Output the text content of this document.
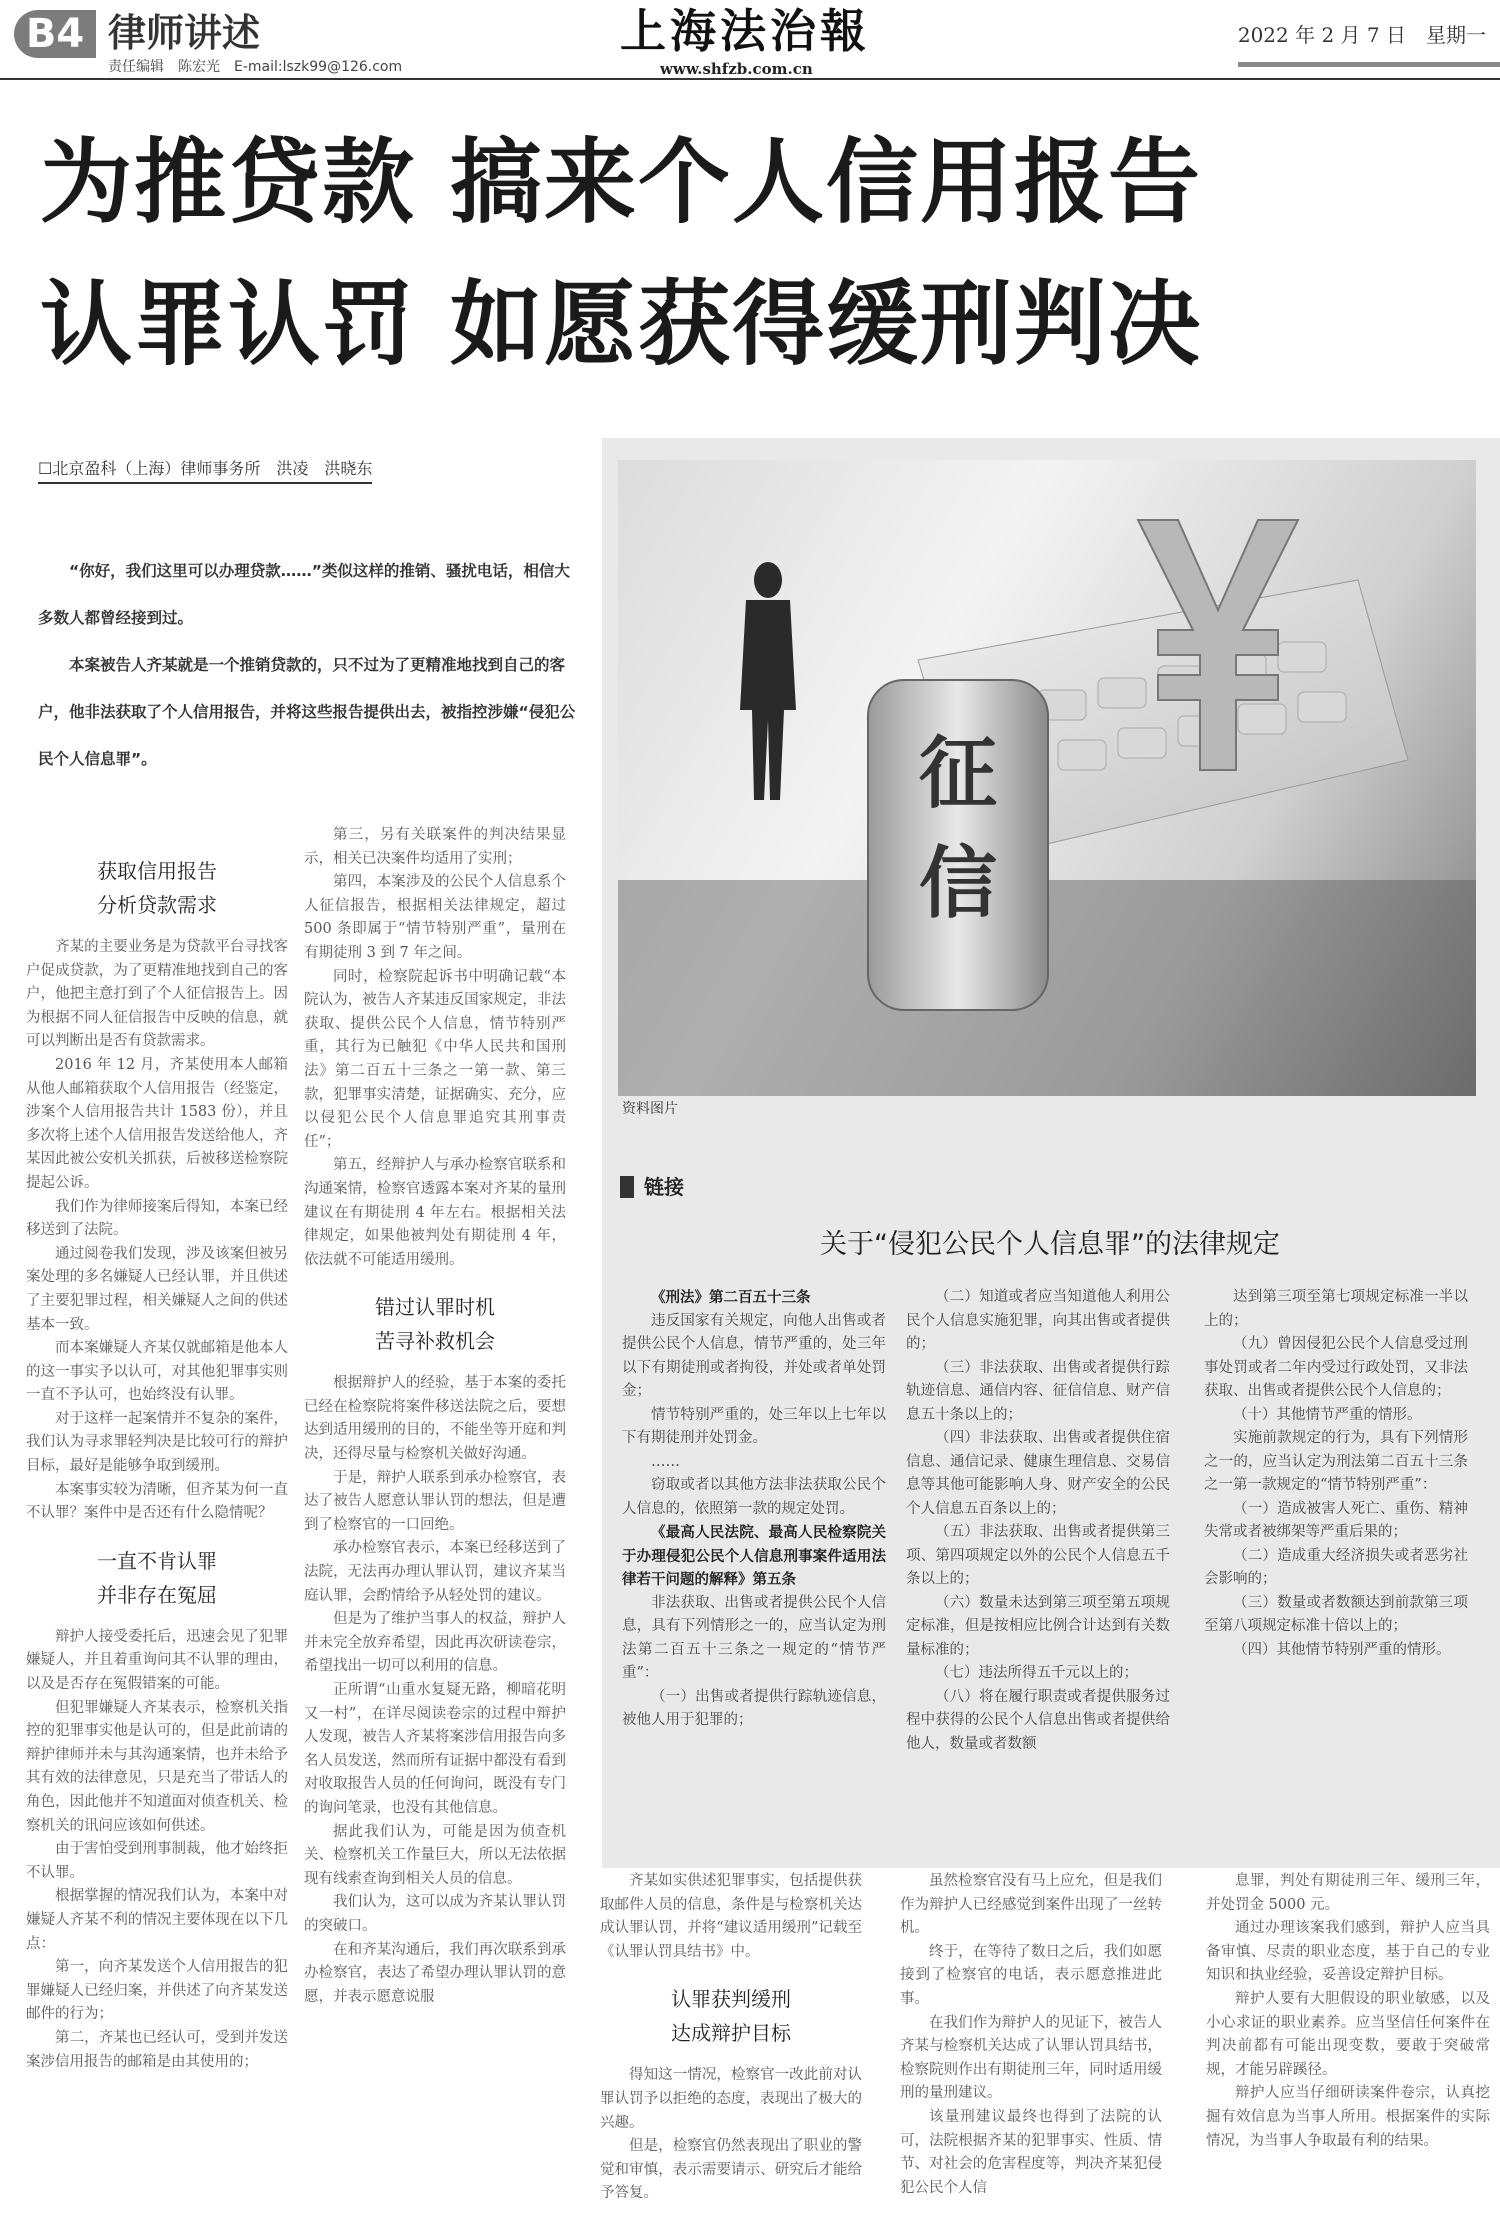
B4 律师讲述
责任编辑　陈宏光　E-mail:lszk99@126.com
上海法治報
www.shfzb.com.cn
2022 年 2 月 7 日　星期一
为推贷款 搞来个人信用报告
认罪认罚 如愿获得缓刑判决
☐北京盈科（上海）律师事务所　洪凌　洪晓东

“你好，我们这里可以办理贷款……”类似这样的推销、骚扰电话，相信大多数人都曾经接到过。

本案被告人齐某就是一个推销贷款的，只不过为了更精准地找到自己的客户，他非法获取了个人信用报告，并将这些报告提供出去，被指控涉嫌“侵犯公民个人信息罪”。	征
信
资料图片
链接
关于“侵犯公民个人信息罪”的法律规定

《刑法》第二百五十三条

违反国家有关规定，向他人出售或者提供公民个人信息，情节严重的，处三年以下有期徒刑或者拘役，并处或者单处罚金；

情节特别严重的，处三年以上七年以下有期徒刑并处罚金。

……

窃取或者以其他方法非法获取公民个人信息的，依照第一款的规定处罚。

《最高人民法院、最高人民检察院关于办理侵犯公民个人信息刑事案件适用法律若干问题的解释》第五条

非法获取、出售或者提供公民个人信息，具有下列情形之一的，应当认定为刑法第二百五十三条之一规定的“情节严重”：

（一）出售或者提供行踪轨迹信息，被他人用于犯罪的；

（二）知道或者应当知道他人利用公民个人信息实施犯罪，向其出售或者提供的；

（三）非法获取、出售或者提供行踪轨迹信息、通信内容、征信信息、财产信息五十条以上的；

（四）非法获取、出售或者提供住宿信息、通信记录、健康生理信息、交易信息等其他可能影响人身、财产安全的公民个人信息五百条以上的；

（五）非法获取、出售或者提供第三项、第四项规定以外的公民个人信息五千条以上的；

（六）数量未达到第三项至第五项规定标准，但是按相应比例合计达到有关数量标准的；

（七）违法所得五千元以上的；

（八）将在履行职责或者提供服务过程中获得的公民个人信息出售或者提供给他人，数量或者数额

达到第三项至第七项规定标准一半以上的；

（九）曾因侵犯公民个人信息受过刑事处罚或者二年内受过行政处罚，又非法获取、出售或者提供公民个人信息的；

（十）其他情节严重的情形。

实施前款规定的行为，具有下列情形之一的，应当认定为刑法第二百五十三条之一第一款规定的“情节特别严重”：

（一）造成被害人死亡、重伤、精神失常或者被绑架等严重后果的；

（二）造成重大经济损失或者恶劣社会影响的；

（三）数量或者数额达到前款第三项至第八项规定标准十倍以上的；

（四）其他情节特别严重的情形。

获取信用报告
分析贷款需求

齐某的主要业务是为贷款平台寻找客户促成贷款，为了更精准地找到自己的客户，他把主意打到了个人征信报告上。因为根据不同人征信报告中反映的信息，就可以判断出是否有贷款需求。

2016 年 12 月，齐某使用本人邮箱从他人邮箱获取个人信用报告（经鉴定，涉案个人信用报告共计 1583 份），并且多次将上述个人信用报告发送给他人，齐某因此被公安机关抓获，后被移送检察院提起公诉。

我们作为律师接案后得知，本案已经移送到了法院。

通过阅卷我们发现，涉及该案但被另案处理的多名嫌疑人已经认罪，并且供述了主要犯罪过程，相关嫌疑人之间的供述基本一致。

而本案嫌疑人齐某仅就邮箱是他本人的这一事实予以认可，对其他犯罪事实则一直不予认可，也始终没有认罪。

对于这样一起案情并不复杂的案件，我们认为寻求罪轻判决是比较可行的辩护目标，最好是能够争取到缓刑。

本案事实较为清晰，但齐某为何一直不认罪？案件中是否还有什么隐情呢？

一直不肯认罪
并非存在冤屈

辩护人接受委托后，迅速会见了犯罪嫌疑人，并且着重询问其不认罪的理由，以及是否存在冤假错案的可能。

但犯罪嫌疑人齐某表示，检察机关指控的犯罪事实他是认可的，但是此前请的辩护律师并未与其沟通案情，也并未给予其有效的法律意见，只是充当了带话人的角色，因此他并不知道面对侦查机关、检察机关的讯问应该如何供述。

由于害怕受到刑事制裁，他才始终拒不认罪。

根据掌握的情况我们认为，本案中对嫌疑人齐某不利的情况主要体现在以下几点：

第一，向齐某发送个人信用报告的犯罪嫌疑人已经归案，并供述了向齐某发送邮件的行为；

第二，齐某也已经认可，受到并发送案涉信用报告的邮箱是由其使用的；

第三，另有关联案件的判决结果显示，相关已决案件均适用了实刑；

第四，本案涉及的公民个人信息系个人征信报告，根据相关法律规定，超过 500 条即属于“情节特别严重”，量刑在有期徒刑 3 到 7 年之间。

同时，检察院起诉书中明确记载“本院认为，被告人齐某违反国家规定，非法获取、提供公民个人信息，情节特别严重，其行为已触犯《中华人民共和国刑法》第二百五十三条之一第一款、第三款，犯罪事实清楚，证据确实、充分，应以侵犯公民个人信息罪追究其刑事责任”；

第五，经辩护人与承办检察官联系和沟通案情，检察官透露本案对齐某的量刑建议在有期徒刑 4 年左右。根据相关法律规定，如果他被判处有期徒刑 4 年，依法就不可能适用缓刑。

错过认罪时机
苦寻补救机会

根据辩护人的经验，基于本案的委托已经在检察院将案件移送法院之后，要想达到适用缓刑的目的，不能坐等开庭和判决，还得尽量与检察机关做好沟通。

于是，辩护人联系到承办检察官，表达了被告人愿意认罪认罚的想法，但是遭到了检察官的一口回绝。

承办检察官表示，本案已经移送到了法院，无法再办理认罪认罚，建议齐某当庭认罪，会酌情给予从轻处罚的建议。

但是为了维护当事人的权益，辩护人并未完全放弃希望，因此再次研读卷宗，希望找出一切可以利用的信息。

正所谓“山重水复疑无路，柳暗花明又一村”，在详尽阅读卷宗的过程中辩护人发现，被告人齐某将案涉信用报告向多名人员发送，然而所有证据中都没有看到对收取报告人员的任何询问，既没有专门的询问笔录，也没有其他信息。

据此我们认为，可能是因为侦查机关、检察机关工作量巨大，所以无法依据现有线索查询到相关人员的信息。

我们认为，这可以成为齐某认罪认罚的突破口。

在和齐某沟通后，我们再次联系到承办检察官，表达了希望办理认罪认罚的意愿，并表示愿意说服

齐某如实供述犯罪事实，包括提供获取邮件人员的信息，条件是与检察机关达成认罪认罚，并将“建议适用缓刑”记载至《认罪认罚具结书》中。

认罪获判缓刑
达成辩护目标

得知这一情况，检察官一改此前对认罪认罚予以拒绝的态度，表现出了极大的兴趣。

但是，检察官仍然表现出了职业的警觉和审慎，表示需要请示、研究后才能给予答复。

虽然检察官没有马上应允，但是我们作为辩护人已经感觉到案件出现了一丝转机。

终于，在等待了数日之后，我们如愿接到了检察官的电话，表示愿意推进此事。

在我们作为辩护人的见证下，被告人齐某与检察机关达成了认罪认罚具结书，检察院则作出有期徒刑三年，同时适用缓刑的量刑建议。

该量刑建议最终也得到了法院的认可，法院根据齐某的犯罪事实、性质、情节、对社会的危害程度等，判决齐某犯侵犯公民个人信

息罪，判处有期徒刑三年、缓刑三年，并处罚金 5000 元。

通过办理该案我们感到，辩护人应当具备审慎、尽责的职业态度，基于自己的专业知识和执业经验，妥善设定辩护目标。

辩护人要有大胆假设的职业敏感，以及小心求证的职业素养。应当坚信任何案件在判决前都有可能出现变数，要敢于突破常规，才能另辟蹊径。

辩护人应当仔细研读案件卷宗，认真挖掘有效信息为当事人所用。根据案件的实际情况，为当事人争取最有利的结果。
